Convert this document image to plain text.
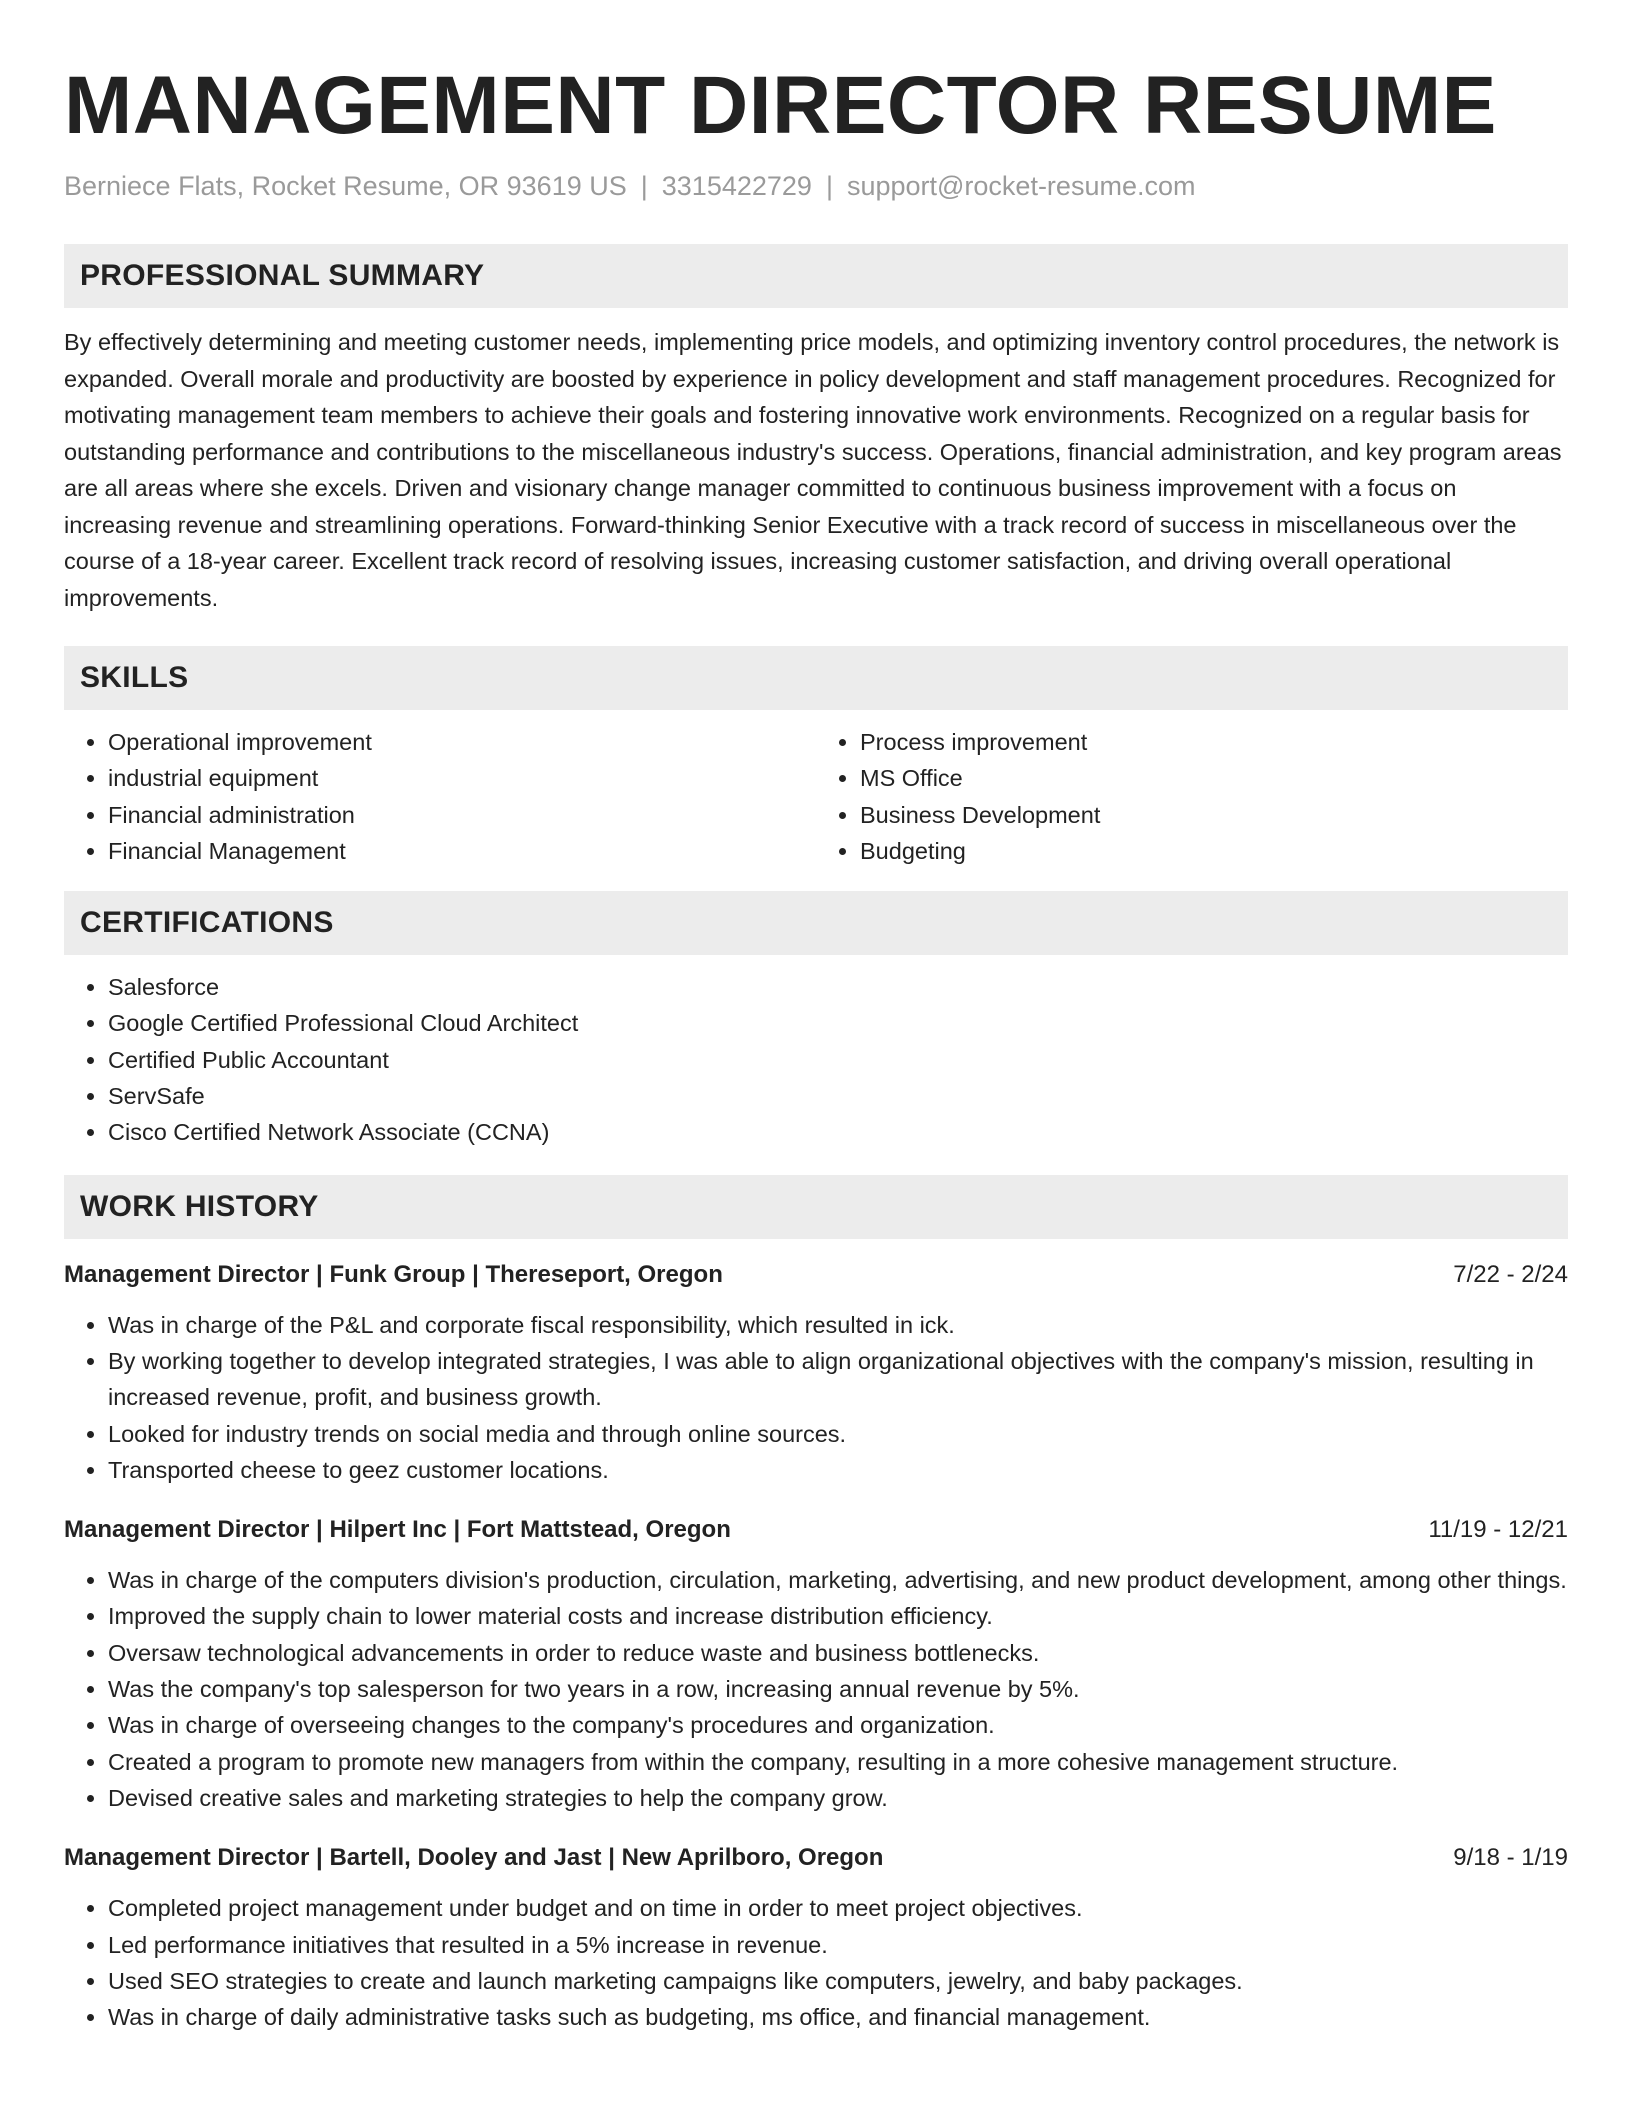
MANAGEMENT DIRECTOR RESUME
Berniece Flats, Rocket Resume, OR 93619 US | 3315422729 | support@rocket-resume.com
PROFESSIONAL SUMMARY

By effectively determining and meeting customer needs, implementing price models, and optimizing inventory control procedures, the network is expanded. Overall morale and productivity are boosted by experience in policy development and staff management procedures. Recognized for motivating management team members to achieve their goals and fostering innovative work environments. Recognized on a regular basis for outstanding performance and contributions to the miscellaneous industry's success. Operations, financial administration, and key program areas are all areas where she excels. Driven and visionary change manager committed to continuous business improvement with a focus on increasing revenue and streamlining operations. Forward-thinking Senior Executive with a track record of success in miscellaneous over the course of a 18-year career. Excellent track record of resolving issues, increasing customer satisfaction, and driving overall operational improvements.

SKILLS
• Operational improvement
• industrial equipment
• Financial administration
• Financial Management
• Process improvement
• MS Office
• Business Development
• Budgeting
CERTIFICATIONS
• Salesforce
• Google Certified Professional Cloud Architect
• Certified Public Accountant
• ServSafe
• Cisco Certified Network Associate (CCNA)
WORK HISTORY
Management Director | Funk Group | Thereseport, Oregon	7/22 - 2/24
• Was in charge of the P&L and corporate fiscal responsibility, which resulted in ick.
• By working together to develop integrated strategies, I was able to align organizational objectives with the company's mission, resulting in increased revenue, profit, and business growth.
• Looked for industry trends on social media and through online sources.
• Transported cheese to geez customer locations.
Management Director | Hilpert Inc | Fort Mattstead, Oregon	11/19 - 12/21
• Was in charge of the computers division's production, circulation, marketing, advertising, and new product development, among other things.
• Improved the supply chain to lower material costs and increase distribution efficiency.
• Oversaw technological advancements in order to reduce waste and business bottlenecks.
• Was the company's top salesperson for two years in a row, increasing annual revenue by 5%.
• Was in charge of overseeing changes to the company's procedures and organization.
• Created a program to promote new managers from within the company, resulting in a more cohesive management structure.
• Devised creative sales and marketing strategies to help the company grow.
Management Director | Bartell, Dooley and Jast | New Aprilboro, Oregon	9/18 - 1/19
• Completed project management under budget and on time in order to meet project objectives.
• Led performance initiatives that resulted in a 5% increase in revenue.
• Used SEO strategies to create and launch marketing campaigns like computers, jewelry, and baby packages.
• Was in charge of daily administrative tasks such as budgeting, ms office, and financial management.
